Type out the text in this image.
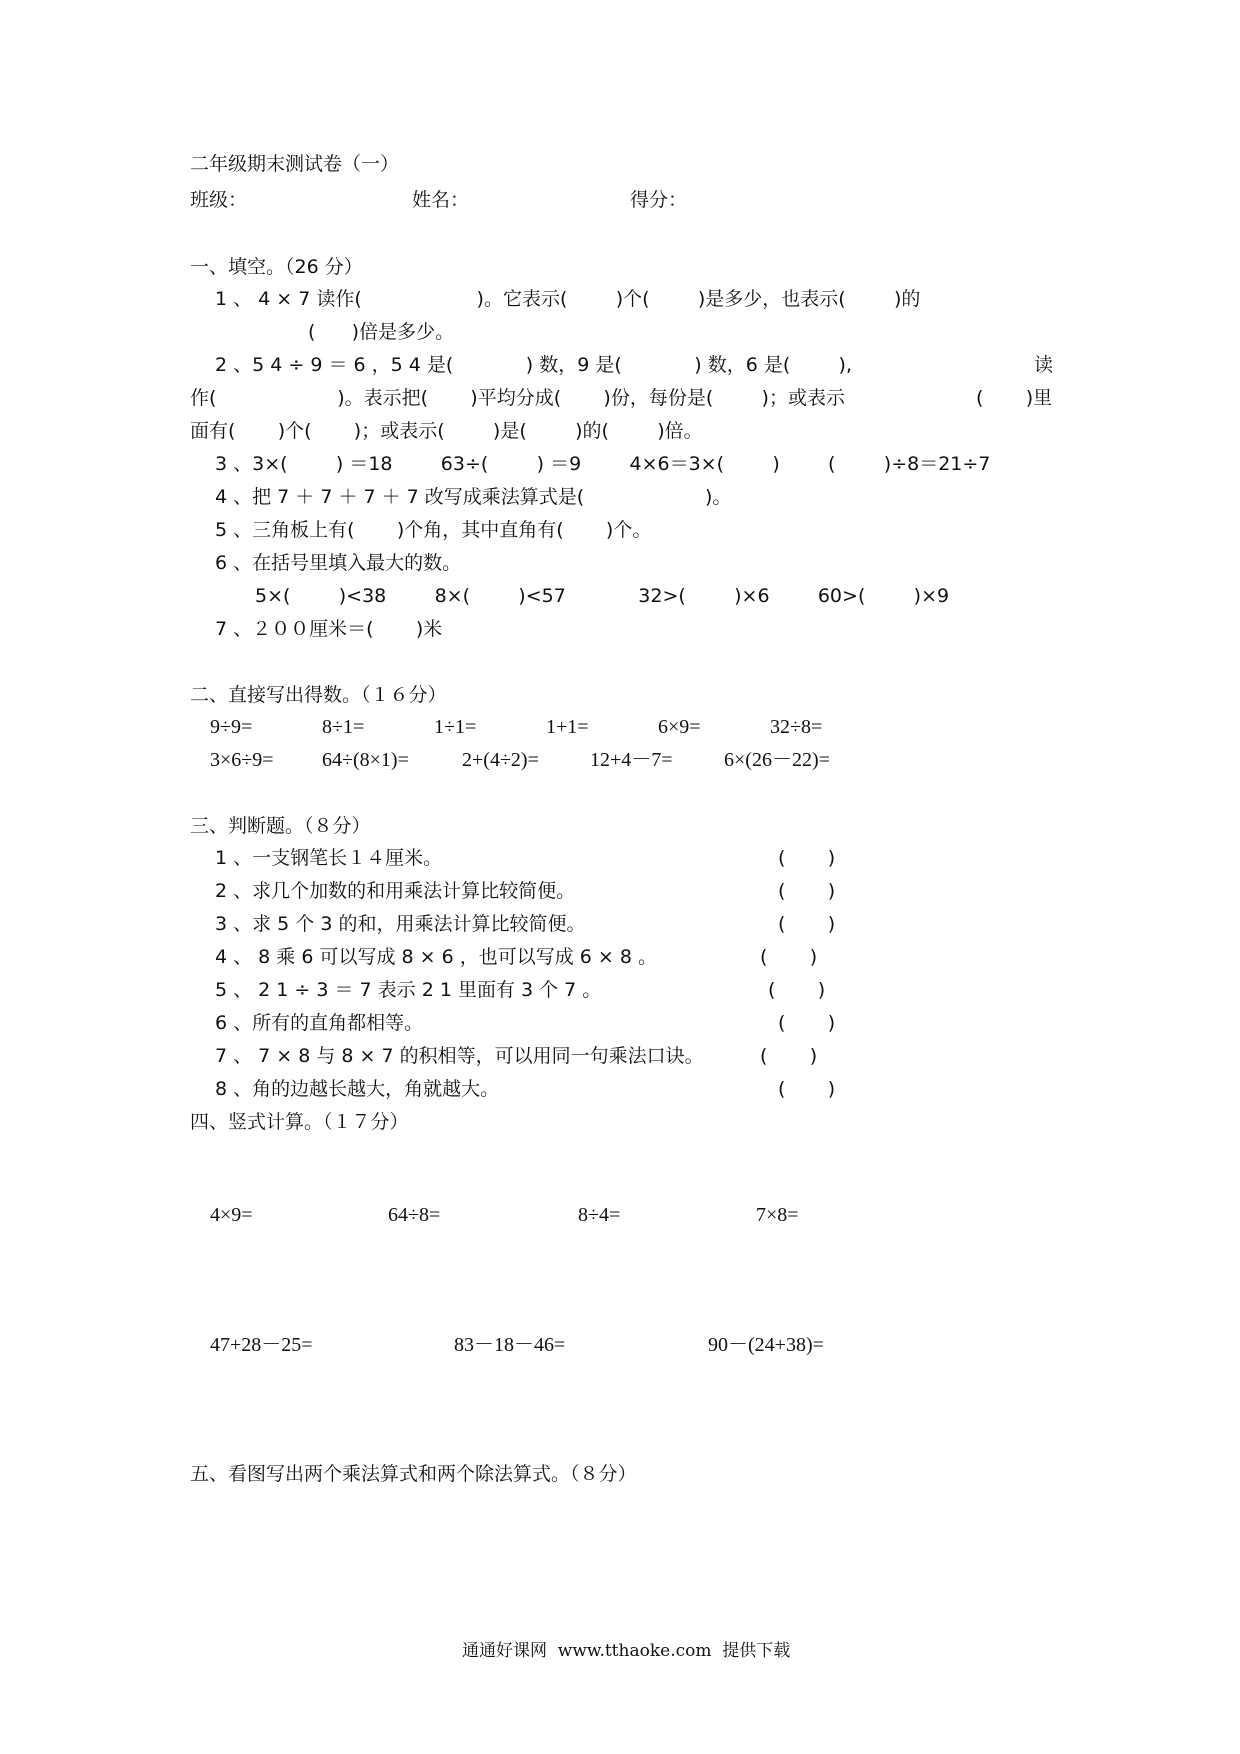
二年级期末测试卷（一）
班级：	姓名：	得分：
一、填空。（26 分）
1 、 4 × 7 读作(                   )。它表示(        )个(        )是多少，也表示(        )的
(      )倍是多少。
2 、5 4 ÷ 9 ＝ 6 ，5 4 是(            ) 数，9 是(            ) 数，6 是(        ),	读
作(                    )。表示把(       )平均分成(       )份，每份是(        )；或表示	(       )里
面有(       )个(       )；或表示(        )是(        )的(        )倍。
3 、3×(        ) ＝18        63÷(        ) ＝9        4×6＝3×(        )        (        )÷8＝21÷7
4 、把 7 ＋ 7 ＋ 7 ＋ 7 改写成乘法算式是(                    )。
5 、三角板上有(       )个角，其中直角有(       )个。
6 、在括号里填入最大的数。
5×(        )<38        8×(        )<57            32>(        )×6        60>(        )×9
7 、２００厘米＝(       )米
二、直接写出得数。（１６分）
9÷9=	8÷1=	1÷1=	1+1=	6×9=	32÷8=
3×6÷9= 64÷(8×1)=	2+(4÷2)=	12+4－7=	6×(26－22)=
三、判断题。（８分）
1 、一支钢笔长１４厘米。	(       )
2 、求几个加数的和用乘法计算比较简便。	(       )
3 、求 5 个 3 的和，用乘法计算比较简便。	(       )
4 、 8 乘 6 可以写成 8 × 6 ，也可以写成 6 × 8 。	(       )
5 、 2 1 ÷ 3 ＝ 7 表示 2 1 里面有 3 个 7 。	(       )
6 、所有的直角都相等。	(       )
7 、 7 × 8 与 8 × 7 的积相等，可以用同一句乘法口诀。	(       )
8 、角的边越长越大，角就越大。	(       )
四、竖式计算。（１７分）
4×9=	64÷8=	8÷4=	7×8=
47+28－25=	83－18－46=	90－(24+38)=
五、看图写出两个乘法算式和两个除法算式。（８分）
通通好课网  www.tthaoke.com  提供下载
